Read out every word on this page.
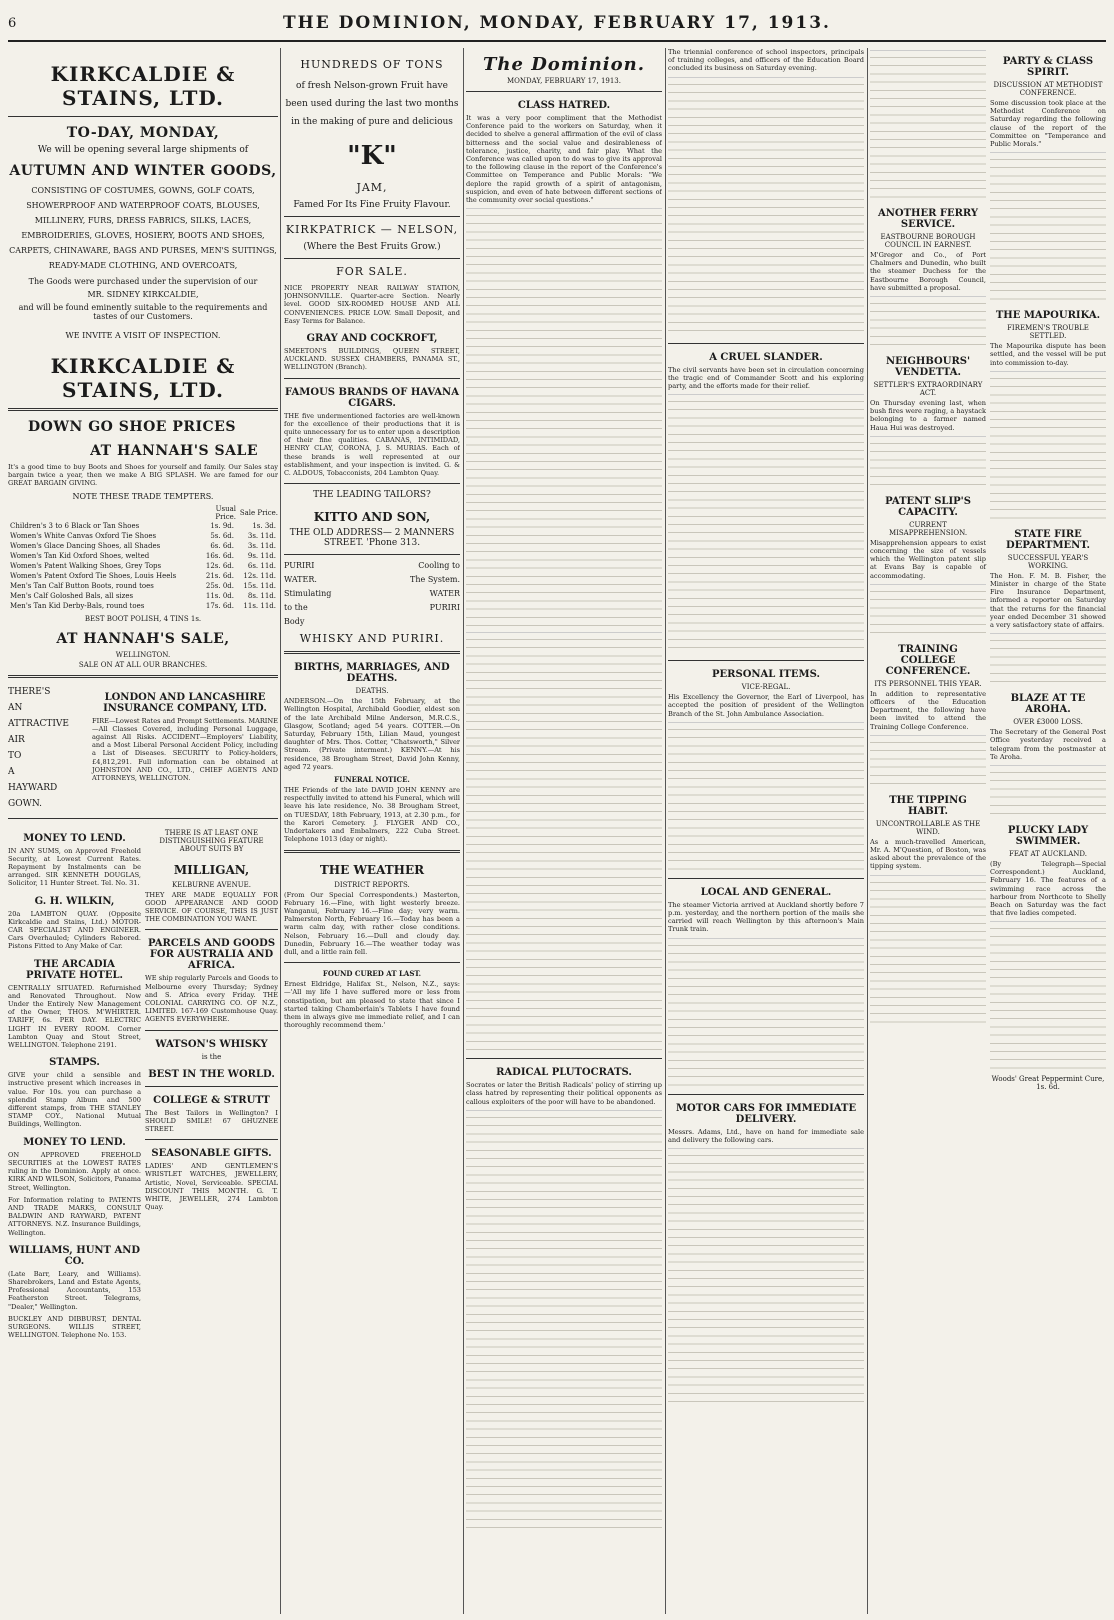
6	THE DOMINION, MONDAY, FEBRUARY 17, 1913.
KIRKCALDIE & STAINS, LTD.
TO-DAY, MONDAY,
We will be opening several large shipments of
AUTUMN AND WINTER GOODS,
CONSISTING OF COSTUMES, GOWNS, GOLF COATS, SHOWERPROOF AND WATERPROOF COATS, BLOUSES, MILLINERY, FURS, DRESS FABRICS, SILKS, LACES, EMBROIDERIES, GLOVES, HOSIERY, BOOTS AND SHOES, CARPETS, CHINAWARE, BAGS AND PURSES, MEN'S SUITINGS, READY-MADE CLOTHING, AND OVERCOATS,
The Goods were purchased under the supervision of our
MR. SIDNEY KIRKCALDIE,
and will be found eminently suitable to the requirements and tastes of our Customers.
WE INVITE A VISIT OF INSPECTION.
KIRKCALDIE & STAINS, LTD.
DOWN GO SHOE PRICES
AT HANNAH'S SALE
It's a good time to buy Boots and Shoes for yourself and family. Our Sales stay bargain twice a year, then we make A BIG SPLASH. We are famed for our GREAT BARGAIN GIVING.
NOTE THESE TRADE TEMPTERS.
	Usual Price.	Sale Price.
Children's 3 to 6 Black or Tan Shoes	1s. 9d.	1s. 3d.
Women's White Canvas Oxford Tie Shoes	5s. 6d.	3s. 11d.
Women's Glace Dancing Shoes, all Shades	6s. 6d.	3s. 11d.
Women's Tan Kid Oxford Shoes, welted	16s. 6d.	9s. 11d.
Women's Patent Walking Shoes, Grey Tops	12s. 6d.	6s. 11d.
Women's Patent Oxford Tie Shoes, Louis Heels	21s. 6d.	12s. 11d.
Men's Tan Calf Button Boots, round toes	25s. 0d.	15s. 11d.
Men's Calf Goloshed Bals, all sizes	11s. 0d.	8s. 11d.
Men's Tan Kid Derby-Bals, round toes	17s. 6d.	11s. 11d.
BEST BOOT POLISH, 4 TINS 1s.
AT HANNAH'S SALE,
WELLINGTON.
SALE ON AT ALL OUR BRANCHES.
THERE'S
AN
ATTRACTIVE
AIR
TO
A
HAYWARD
GOWN.
LONDON AND LANCASHIRE INSURANCE COMPANY, LTD.
FIRE—Lowest Rates and Prompt Settlements. MARINE—All Classes Covered, including Personal Luggage, against All Risks. ACCIDENT—Employers' Liability, and a Most Liberal Personal Accident Policy, including a List of Diseases. SECURITY to Policy-holders, £4,812,291. Full information can be obtained at JOHNSTON AND CO., LTD., CHIEF AGENTS AND ATTORNEYS, WELLINGTON.
MONEY TO LEND.
IN ANY SUMS, on Approved Freehold Security, at Lowest Current Rates. Repayment by Instalments can be arranged. SIR KENNETH DOUGLAS, Solicitor, 11 Hunter Street. Tel. No. 31.
G. H. WILKIN,
20a LAMBTON QUAY. (Opposite Kirkcaldie and Stains, Ltd.) MOTOR-CAR SPECIALIST AND ENGINEER. Cars Overhauled; Cylinders Rebored. Pistons Fitted to Any Make of Car.
THE ARCADIA PRIVATE HOTEL.
CENTRALLY SITUATED. Refurnished and Renovated Throughout. Now Under the Entirely New Management of the Owner, THOS. M'WHIRTER. TARIFF, 6s. PER DAY. ELECTRIC LIGHT IN EVERY ROOM. Corner Lambton Quay and Stout Street, WELLINGTON. Telephone 2191.
STAMPS.
GIVE your child a sensible and instructive present which increases in value. For 10s. you can purchase a splendid Stamp Album and 500 different stamps, from THE STANLEY STAMP COY., National Mutual Buildings, Wellington.
MONEY TO LEND.
ON APPROVED FREEHOLD SECURITIES at the LOWEST RATES ruling in the Dominion. Apply at once. KIRK AND WILSON, Solicitors, Panama Street, Wellington.
For Information relating to PATENTS AND TRADE MARKS, CONSULT BALDWIN AND RAYWARD, PATENT ATTORNEYS. N.Z. Insurance Buildings, Wellington.
WILLIAMS, HUNT AND CO.
(Late Barr, Leary, and Williams). Sharebrokers, Land and Estate Agents, Professional Accountants, 153 Featherston Street. Telegrams, "Dealer," Wellington.
BUCKLEY AND DIBBURST, DENTAL SURGEONS. WILLIS STREET, WELLINGTON. Telephone No. 153.
THERE IS AT LEAST ONE DISTINGUISHING FEATURE ABOUT SUITS BY
MILLIGAN,
KELBURNE AVENUE.
THEY ARE MADE EQUALLY FOR GOOD APPEARANCE AND GOOD SERVICE. OF COURSE, THIS IS JUST THE COMBINATION YOU WANT.
PARCELS AND GOODS FOR AUSTRALIA AND AFRICA.
WE ship regularly Parcels and Goods to Melbourne every Thursday; Sydney and S. Africa every Friday. THE COLONIAL CARRYING CO. OF N.Z., LIMITED. 167-169 Customhouse Quay. AGENTS EVERYWHERE.
WATSON'S WHISKY
is the
BEST IN THE WORLD.
COLLEGE & STRUTT
The Best Tailors in Wellington? I SHOULD SMILE! 67 GHUZNEE STREET.
SEASONABLE GIFTS.
LADIES' AND GENTLEMEN'S WRISTLET WATCHES, JEWELLERY, Artistic, Novel, Serviceable. SPECIAL DISCOUNT THIS MONTH. G. T. WHITE, JEWELLER, 274 Lambton Quay.
HUNDREDS OF TONS
of fresh Nelson-grown Fruit have been used during the last two months in the making of pure and delicious
"K"
JAM,
Famed For Its Fine Fruity Flavour.
KIRKPATRICK — NELSON,
(Where the Best Fruits Grow.)
FOR SALE.
NICE PROPERTY NEAR RAILWAY STATION, JOHNSONVILLE. Quarter-acre Section. Nearly level. GOOD SIX-ROOMED HOUSE AND ALL CONVENIENCES. PRICE LOW. Small Deposit, and Easy Terms for Balance.
GRAY AND COCKROFT,
SMEETON'S BUILDINGS, QUEEN STREET, AUCKLAND. SUSSEX CHAMBERS, PANAMA ST., WELLINGTON (Branch).
FAMOUS BRANDS OF HAVANA CIGARS.
THE five undermentioned factories are well-known for the excellence of their productions that it is quite unnecessary for us to enter upon a description of their fine qualities. CABANAS, INTIMIDAD, HENRY CLAY, CORONA, J. S. MURIAS. Each of these brands is well represented at our establishment, and your inspection is invited. G. & C. ALDOUS, Tobacconists, 204 Lambton Quay.
THE LEADING TAILORS?
KITTO AND SON,
THE OLD ADDRESS— 2 MANNERS STREET. 'Phone 313.
PURIRI	Cooling to
WATER.	The System.
Stimulating	WATER
to the	PURIRI
Body
WHISKY AND PURIRI.
BIRTHS, MARRIAGES, AND DEATHS.
DEATHS.
ANDERSON.—On the 15th February, at the Wellington Hospital, Archibald Goodier, eldest son of the late Archibald Milne Anderson, M.R.C.S., Glasgow, Scotland; aged 54 years. COTTER.—On Saturday, February 15th, Lilian Maud, youngest daughter of Mrs. Thos. Cotter, "Chatsworth," Silver Stream. (Private interment.) KENNY.—At his residence, 38 Brougham Street, David John Kenny, aged 72 years.
FUNERAL NOTICE.
THE Friends of the late DAVID JOHN KENNY are respectfully invited to attend his Funeral, which will leave his late residence, No. 38 Brougham Street, on TUESDAY, 18th February, 1913, at 2.30 p.m., for the Karori Cemetery. J. FLYGER AND CO., Undertakers and Embalmers, 222 Cuba Street. Telephone 1013 (day or night).
THE WEATHER
DISTRICT REPORTS.
(From Our Special Correspondents.) Masterton, February 16.—Fine, with light westerly breeze. Wanganui, February 16.—Fine day; very warm. Palmerston North, February 16.—Today has been a warm calm day, with rather close conditions. Nelson, February 16.—Dull and cloudy day. Dunedin, February 16.—The weather today was dull, and a little rain fell.
FOUND CURED AT LAST.
Ernest Eldridge, Halifax St., Nelson, N.Z., says:—'All my life I have suffered more or less from constipation, but am pleased to state that since I started taking Chamberlain's Tablets I have found them in always give me immediate relief, and I can thoroughly recommend them.'
The Dominion.
MONDAY, FEBRUARY 17, 1913.
CLASS HATRED.
It was a very poor compliment that the Methodist Conference paid to the workers on Saturday, when it decided to shelve a general affirmation of the evil of class bitterness and the social value and desirableness of tolerance, justice, charity, and fair play. What the Conference was called upon to do was to give its approval to the following clause in the report of the Conference's Committee on Temperance and Public Morals: "We deplore the rapid growth of a spirit of antagonism, suspicion, and even of hate between different sections of the community over social questions."
RADICAL PLUTOCRATS.
Socrates or later the British Radicals' policy of stirring up class hatred by representing their political opponents as callous exploiters of the poor will have to be abandoned.
The triennial conference of school inspectors, principals of training colleges, and officers of the Education Board concluded its business on Saturday evening.
A CRUEL SLANDER.
The civil servants have been set in circulation concerning the tragic end of Commander Scott and his exploring party, and the efforts made for their relief.
PERSONAL ITEMS.
VICE-REGAL.
His Excellency the Governor, the Earl of Liverpool, has accepted the position of president of the Wellington Branch of the St. John Ambulance Association.
LOCAL AND GENERAL.
The steamer Victoria arrived at Auckland shortly before 7 p.m. yesterday, and the northern portion of the mails she carried will reach Wellington by this afternoon's Main Trunk train.
MOTOR CARS FOR IMMEDIATE DELIVERY.
Messrs. Adams, Ltd., have on hand for immediate sale and delivery the following cars.
ANOTHER FERRY SERVICE.
EASTBOURNE BOROUGH COUNCIL IN EARNEST.
M'Gregor and Co., of Port Chalmers and Dunedin, who built the steamer Duchess for the Eastbourne Borough Council, have submitted a proposal.
NEIGHBOURS' VENDETTA.
SETTLER'S EXTRAORDINARY ACT.
On Thursday evening last, when bush fires were raging, a haystack belonging to a farmer named Haua Hui was destroyed.
PATENT SLIP'S CAPACITY.
CURRENT MISAPPREHENSION.
Misapprehension appears to exist concerning the size of vessels which the Wellington patent slip at Evans Bay is capable of accommodating.
TRAINING COLLEGE CONFERENCE.
ITS PERSONNEL THIS YEAR.
In addition to representative officers of the Education Department, the following have been invited to attend the Training College Conference.
THE TIPPING HABIT.
UNCONTROLLABLE AS THE WIND.
As a much-travelled American, Mr. A. M'Question, of Boston, was asked about the prevalence of the tipping system.
PARTY & CLASS SPIRIT.
DISCUSSION AT METHODIST CONFERENCE.
Some discussion took place at the Methodist Conference on Saturday regarding the following clause of the report of the Committee on "Temperance and Public Morals."
THE MAPOURIKA.
FIREMEN'S TROUBLE SETTLED.
The Mapourika dispute has been settled, and the vessel will be put into commission to-day.
STATE FIRE DEPARTMENT.
SUCCESSFUL YEAR'S WORKING.
The Hon. F. M. B. Fisher, the Minister in charge of the State Fire Insurance Department, informed a reporter on Saturday that the returns for the financial year ended December 31 showed a very satisfactory state of affairs.
BLAZE AT TE AROHA.
OVER £3000 LOSS.
The Secretary of the General Post Office yesterday received a telegram from the postmaster at Te Aroha.
PLUCKY LADY SWIMMER.
FEAT AT AUCKLAND.
(By Telegraph—Special Correspondent.) Auckland, February 16. The features of a swimming race across the harbour from Northcote to Shelly Beach on Saturday was the fact that five ladies competed.
Woods' Great Peppermint Cure, 1s. 6d.
